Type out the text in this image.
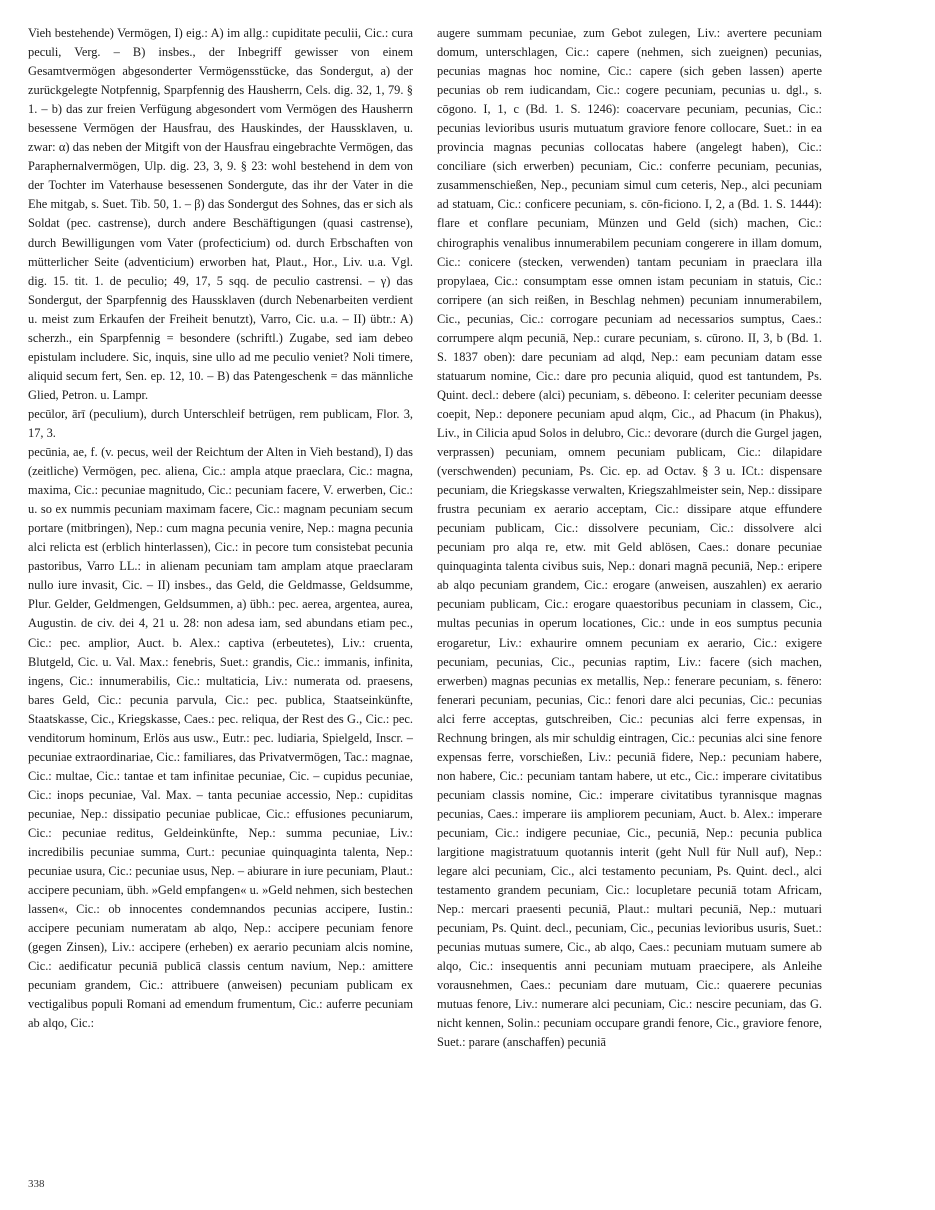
Vieh bestehende) Vermögen, I) eig.: A) im allg.: cupiditate peculii, Cic.: cura peculi, Verg. – B) insbes., der Inbegriff gewisser von einem Gesamtvermögen abgesonderter Vermögensstücke, das Sondergut, a) der zurückgelegte Notpfennig, Sparpfennig des Hausherrn, Cels. dig. 32, 1, 79. § 1. – b) das zur freien Verfügung abgesondert vom Vermögen des Hausherrn besessene Vermögen der Hausfrau, des Hauskindes, der Haussklaven, u. zwar: α) das neben der Mitgift von der Hausfrau eingebrachte Vermögen, das Paraphernalvermögen, Ulp. dig. 23, 3, 9. § 23: wohl bestehend in dem von der Tochter im Vaterhause besessenen Sondergute, das ihr der Vater in die Ehe mitgab, s. Suet. Tib. 50, 1. – β) das Sondergut des Sohnes, das er sich als Soldat (pec. castrense), durch andere Beschäftigungen (quasi castrense), durch Bewilligungen vom Vater (profecticium) od. durch Erbschaften von mütterlicher Seite (adventicium) erworben hat, Plaut., Hor., Liv. u.a. Vgl. dig. 15. tit. 1. de peculio; 49, 17, 5 sqq. de peculio castrensi. – γ) das Sondergut, der Sparpfennig des Haussklaven (durch Nebenarbeiten verdient u. meist zum Erkaufen der Freiheit benutzt), Varro, Cic. u.a. – II) übtr.: A) scherzh., ein Sparpfennig = besondere (schriftl.) Zugabe, sed iam debeo epistulam includere. Sic, inquis, sine ullo ad me peculio veniet? Noli timere, aliquid secum fert, Sen. ep. 12, 10. – B) das Patengeschenk = das männliche Glied, Petron. u. Lampr.

pecūlor, ārī (peculium), durch Unterschleif betrügen, rem publicam, Flor. 3, 17, 3.

pecūnia, ae, f. (v. pecus, weil der Reichtum der Alten in Vieh bestand), I) das (zeitliche) Vermögen, pec. aliena, Cic.: ampla atque praeclara, Cic.: magna, maxima, Cic.: pecuniae magnitudo, Cic.: pecuniam facere, V. erwerben, Cic.: u. so ex nummis pecuniam maximam facere, Cic.: magnam pecuniam secum portare (mitbringen), Nep.: cum magna pecunia venire, Nep.: magna pecunia alci relicta est (erblich hinterlassen), Cic.: in pecore tum consistebat pecunia pastoribus, Varro LL.: in alienam pecuniam tam amplam atque praeclaram nullo iure invasit, Cic. – II) insbes., das Geld, die Geldmasse, Geldsumme, Plur. Gelder, Geldmengen, Geldsummen, a) übh.: pec. aerea, argentea, aurea, Augustin. de civ. dei 4, 21 u. 28: non adesa iam, sed abundans etiam pec., Cic.: pec. amplior, Auct. b. Alex.: captiva (erbeutetes), Liv.: cruenta, Blutgeld, Cic. u. Val. Max.: fenebris, Suet.: grandis, Cic.: immanis, infinita, ingens, Cic.: innumerabilis, Cic.: multaticia, Liv.: numerata od. praesens, bares Geld, Cic.: pecunia parvula, Cic.: pec. publica, Staatseinkünfte, Staatskasse, Cic., Kriegskasse, Caes.: pec. reliqua, der Rest des G., Cic.: pec. venditorum hominum, Erlös aus usw., Eutr.: pec. ludiaria, Spielgeld, Inscr. – pecuniae extraordinariae, Cic.: familiares, das Privatvermögen, Tac.: magnae, Cic.: multae, Cic.: tantae et tam infinitae pecuniae, Cic. – cupidus pecuniae, Cic.: inops pecuniae, Val. Max. – tanta pecuniae accessio, Nep.: cupiditas pecuniae, Nep.: dissipatio pecuniae publicae, Cic.: effusiones pecuniarum, Cic.: pecuniae reditus, Geldeinkünfte, Nep.: summa pecuniae, Liv.: incredibilis pecuniae summa, Curt.: pecuniae quinquaginta talenta, Nep.: pecuniae usura, Cic.: pecuniae usus, Nep. – abiurare in iure pecuniam, Plaut.: accipere pecuniam, übh. »Geld empfangen« u. »Geld nehmen, sich bestechen lassen«, Cic.: ob innocentes condemnandos pecunias accipere, Iustin.: accipere pecuniam numeratam ab alqo, Nep.: accipere pecuniam fenore (gegen Zinsen), Liv.: accipere (erheben) ex aerario pecuniam alcis nomine, Cic.: aedificatur pecuniā publicā classis centum navium, Nep.: amittere pecuniam grandem, Cic.: attribuere (anweisen) pecuniam publicam ex vectigalibus populi Romani ad emendum frumentum, Cic.: auferre pecuniam ab alqo, Cic.:

augere summam pecuniae, zum Gebot zulegen, Liv.: avertere pecuniam domum, unterschlagen, Cic.: capere (nehmen, sich zueignen) pecunias, pecunias magnas hoc nomine, Cic.: capere (sich geben lassen) aperte pecunias ob rem iudicandam, Cic.: cogere pecuniam, pecunias u. dgl., s. cōgono. I, 1, c (Bd. 1. S. 1246): coacervare pecuniam, pecunias, Cic.: pecunias levioribus usuris mutuatum graviore fenore collocare, Suet.: in ea provincia magnas pecunias collocatas habere (angelegt haben), Cic.: conciliare (sich erwerben) pecuniam, Cic.: conferre pecuniam, pecunias, zusammenschießen, Nep., pecuniam simul cum ceteris, Nep., alci pecuniam ad statuam, Cic.: conficere pecuniam, s. cōn-ficiono. I, 2, a (Bd. 1. S. 1444): flare et conflare pecuniam, Münzen und Geld (sich) machen, Cic.: chirographis venalibus innumerabilem pecuniam congerere in illam domum, Cic.: conicere (stecken, verwenden) tantam pecuniam in praeclara illa propylaea, Cic.: consumptam esse omnen istam pecuniam in statuis, Cic.: corripere (an sich reißen, in Beschlag nehmen) pecuniam innumerabilem, Cic., pecunias, Cic.: corrogare pecuniam ad necessarios sumptus, Caes.: corrumpere alqm pecuniā, Nep.: curare pecuniam, s. cūrono. II, 3, b (Bd. 1. S. 1837 oben): dare pecuniam ad alqd, Nep.: eam pecuniam datam esse statuarum nomine, Cic.: dare pro pecunia aliquid, quod est tantundem, Ps. Quint. decl.: debere (alci) pecuniam, s. dēbeono. I: celeriter pecuniam deesse coepit, Nep.: deponere pecuniam apud alqm, Cic., ad Phacum (in Phakus), Liv., in Cilicia apud Solos in delubro, Cic.: devorare (durch die Gurgel jagen, verprassen) pecuniam, omnem pecuniam publicam, Cic.: dilapidare (verschwenden) pecuniam, Ps. Cic. ep. ad Octav. § 3 u. ICt.: dispensare pecuniam, die Kriegskasse verwalten, Kriegszahlmeister sein, Nep.: dissipare frustra pecuniam ex aerario acceptam, Cic.: dissipare atque effundere pecuniam publicam, Cic.: dissolvere pecuniam, Cic.: dissolvere alci pecuniam pro alqa re, etw. mit Geld ablösen, Caes.: donare pecuniae quinquaginta talenta civibus suis, Nep.: donari magnā pecuniā, Nep.: eripere ab alqo pecuniam grandem, Cic.: erogare (anweisen, auszahlen) ex aerario pecuniam publicam, Cic.: erogare quaestoribus pecuniam in classem, Cic., multas pecunias in operum locationes, Cic.: unde in eos sumptus pecunia erogaretur, Liv.: exhaurire omnem pecuniam ex aerario, Cic.: exigere pecuniam, pecunias, Cic., pecunias raptim, Liv.: facere (sich machen, erwerben) magnas pecunias ex metallis, Nep.: fenerare pecuniam, s. fēnero: fenerari pecuniam, pecunias, Cic.: fenori dare alci pecunias, Cic.: pecunias alci ferre acceptas, gutschreiben, Cic.: pecunias alci ferre expensas, in Rechnung bringen, als mir schuldig eintragen, Cic.: pecunias alci sine fenore expensas ferre, vorschießen, Liv.: pecuniā fidere, Nep.: pecuniam habere, non habere, Cic.: pecuniam tantam habere, ut etc., Cic.: imperare civitatibus pecuniam classis nomine, Cic.: imperare civitatibus tyrannisque magnas pecunias, Caes.: imperare iis ampliorem pecuniam, Auct. b. Alex.: imperare pecuniam, Cic.: indigere pecuniae, Cic., pecuniā, Nep.: pecunia publica largitione magistratuum quotannis interit (geht Null für Null auf), Nep.: legare alci pecuniam, Cic., alci testamento pecuniam, Ps. Quint. decl., alci testamento grandem pecuniam, Cic.: locupletare pecuniā totam Africam, Nep.: mercari praesenti pecuniā, Plaut.: multari pecuniā, Nep.: mutuari pecuniam, Ps. Quint. decl., pecuniam, Cic., pecunias levioribus usuris, Suet.: pecunias mutuas sumere, Cic., ab alqo, Caes.: pecuniam mutuam sumere ab alqo, Cic.: insequentis anni pecuniam mutuam praecipere, als Anleihe vorausnehmen, Caes.: pecuniam dare mutuam, Cic.: quaerere pecunias mutuas fenore, Liv.: numerare alci pecuniam, Cic.: nescire pecuniam, das G. nicht kennen, Solin.: pecuniam occupare grandi fenore, Cic., graviore fenore, Suet.: parare (anschaffen) pecuniā

338
